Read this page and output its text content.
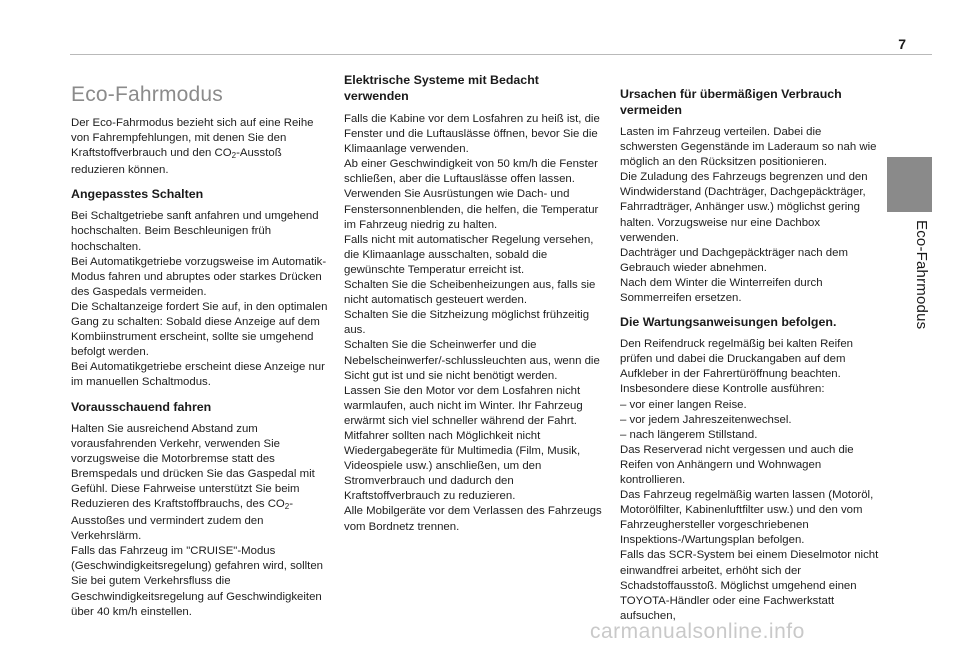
7
Eco-Fahrmodus
Eco-Fahrmodus

Der Eco-Fahrmodus bezieht sich auf eine Reihe von Fahrempfehlungen, mit denen Sie den Kraftstoffverbrauch und den $CO_2$-Ausstoß reduzieren können.

Angepasstes Schalten

Bei Schaltgetriebe sanft anfahren und umgehend hochschalten. Beim Beschleunigen früh hochschalten.

Bei Automatikgetriebe vorzugsweise im Automatik-Modus fahren und abruptes oder starkes Drücken des Gaspedals vermeiden.

Die Schaltanzeige fordert Sie auf, in den optimalen Gang zu schalten: Sobald diese Anzeige auf dem Kombiinstrument erscheint, sollte sie umgehend befolgt werden.

Bei Automatikgetriebe erscheint diese Anzeige nur im manuellen Schaltmodus.

Vorausschauend fahren

Halten Sie ausreichend Abstand zum vorausfahrenden Verkehr, verwenden Sie vorzugsweise die Motorbremse statt des Bremspedals und drücken Sie das Gaspedal mit Gefühl. Diese Fahrweise unterstützt Sie beim Reduzieren des Kraftstoffbrauchs, des $CO_2$-Ausstoßes und vermindert zudem den Verkehrslärm.

Falls das Fahrzeug im "CRUISE"-Modus (Geschwindigkeitsregelung) gefahren wird, sollten Sie bei gutem Verkehrsfluss die Geschwindigkeitsregelung auf Geschwindigkeiten über 40 km/h einstellen.

Elektrische Systeme mit Bedacht verwenden

Falls die Kabine vor dem Losfahren zu heiß ist, die Fenster und die Luftauslässe öffnen, bevor Sie die Klimaanlage verwenden.

Ab einer Geschwindigkeit von 50 km/h die Fenster schließen, aber die Luftauslässe offen lassen.

Verwenden Sie Ausrüstungen wie Dach- und Fenstersonnenblenden, die helfen, die Temperatur im Fahrzeug niedrig zu halten.

Falls nicht mit automatischer Regelung versehen, die Klimaanlage ausschalten, sobald die gewünschte Temperatur erreicht ist.

Schalten Sie die Scheibenheizungen aus, falls sie nicht automatisch gesteuert werden.

Schalten Sie die Sitzheizung möglichst frühzeitig aus.

Schalten Sie die Scheinwerfer und die Nebelscheinwerfer/-schlussleuchten aus, wenn die Sicht gut ist und sie nicht benötigt werden.

Lassen Sie den Motor vor dem Losfahren nicht warmlaufen, auch nicht im Winter. Ihr Fahrzeug erwärmt sich viel schneller während der Fahrt.

Mitfahrer sollten nach Möglichkeit nicht Wiedergabegeräte für Multimedia (Film, Musik, Videospiele usw.) anschließen, um den Stromverbrauch und dadurch den Kraftstoffverbrauch zu reduzieren.

Alle Mobilgeräte vor dem Verlassen des Fahrzeugs vom Bordnetz trennen.

Ursachen für übermäßigen Verbrauch vermeiden

Lasten im Fahrzeug verteilen. Dabei die schwersten Gegenstände im Laderaum so nah wie möglich an den Rücksitzen positionieren.

Die Zuladung des Fahrzeugs begrenzen und den Windwiderstand (Dachträger, Dachgepäckträger, Fahrradträger, Anhänger usw.) möglichst gering halten. Vorzugsweise nur eine Dachbox verwenden.

Dachträger und Dachgepäckträger nach dem Gebrauch wieder abnehmen.

Nach dem Winter die Winterreifen durch Sommerreifen ersetzen.

Die Wartungsanweisungen befolgen.

Den Reifendruck regelmäßig bei kalten Reifen prüfen und dabei die Druckangaben auf dem Aufkleber in der Fahrertüröffnung beachten.

Insbesondere diese Kontrolle ausführen:

– vor einer langen Reise.

– vor jedem Jahreszeitenwechsel.

– nach längerem Stillstand.

Das Reserverad nicht vergessen und auch die Reifen von Anhängern und Wohnwagen kontrollieren.

Das Fahrzeug regelmäßig warten lassen (Motoröl, Motorölfilter, Kabinenluftfilter usw.) und den vom Fahrzeughersteller vorgeschriebenen Inspektions-/Wartungsplan befolgen.

Falls das SCR-System bei einem Dieselmotor nicht einwandfrei arbeitet, erhöht sich der Schadstoffausstoß. Möglichst umgehend einen TOYOTA-Händler oder eine Fachwerkstatt aufsuchen,

carmanualsonline.info
